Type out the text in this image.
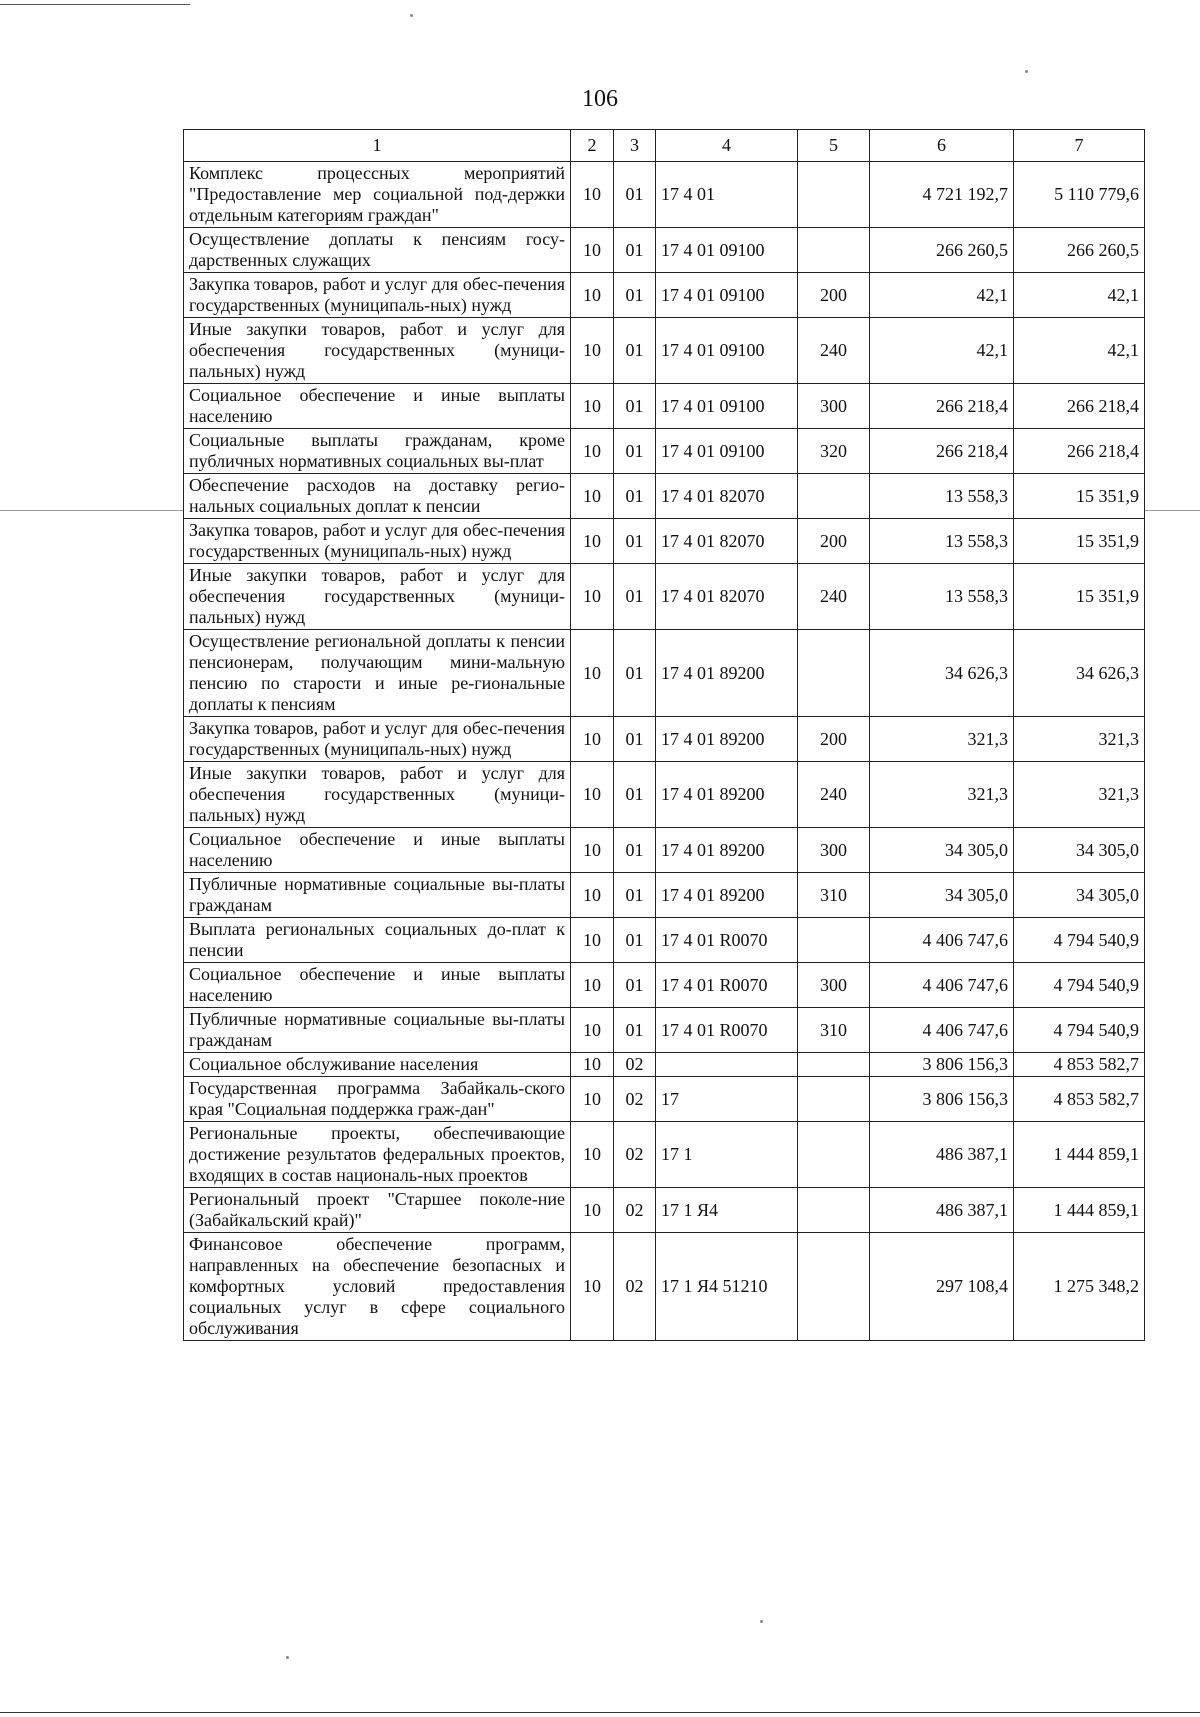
106
1	2	3	4	5	6	7
Комплекс процессных мероприятий "Предоставление мер социальной под-держки отдельным категориям граждан"	10	01	17 4 01		4 721 192,7	5 110 779,6
Осуществление доплаты к пенсиям госу-дарственных служащих	10	01	17 4 01 09100		266 260,5	266 260,5
Закупка товаров, работ и услуг для обес-печения государственных (муниципаль-ных) нужд	10	01	17 4 01 09100	200	42,1	42,1
Иные закупки товаров, работ и услуг для обеспечения государственных (муници-пальных) нужд	10	01	17 4 01 09100	240	42,1	42,1
Социальное обеспечение и иные выплаты населению	10	01	17 4 01 09100	300	266 218,4	266 218,4
Социальные выплаты гражданам, кроме публичных нормативных социальных вы-плат	10	01	17 4 01 09100	320	266 218,4	266 218,4
Обеспечение расходов на доставку регио-нальных социальных доплат к пенсии	10	01	17 4 01 82070		13 558,3	15 351,9
Закупка товаров, работ и услуг для обес-печения государственных (муниципаль-ных) нужд	10	01	17 4 01 82070	200	13 558,3	15 351,9
Иные закупки товаров, работ и услуг для обеспечения государственных (муници-пальных) нужд	10	01	17 4 01 82070	240	13 558,3	15 351,9
Осуществление региональной доплаты к пенсии пенсионерам, получающим мини-мальную пенсию по старости и иные ре-гиональные доплаты к пенсиям	10	01	17 4 01 89200		34 626,3	34 626,3
Закупка товаров, работ и услуг для обес-печения государственных (муниципаль-ных) нужд	10	01	17 4 01 89200	200	321,3	321,3
Иные закупки товаров, работ и услуг для обеспечения государственных (муници-пальных) нужд	10	01	17 4 01 89200	240	321,3	321,3
Социальное обеспечение и иные выплаты населению	10	01	17 4 01 89200	300	34 305,0	34 305,0
Публичные нормативные социальные вы-платы гражданам	10	01	17 4 01 89200	310	34 305,0	34 305,0
Выплата региональных социальных до-плат к пенсии	10	01	17 4 01 R0070		4 406 747,6	4 794 540,9
Социальное обеспечение и иные выплаты населению	10	01	17 4 01 R0070	300	4 406 747,6	4 794 540,9
Публичные нормативные социальные вы-платы гражданам	10	01	17 4 01 R0070	310	4 406 747,6	4 794 540,9
Социальное обслуживание населения	10	02			3 806 156,3	4 853 582,7
Государственная программа Забайкаль-ского края "Социальная поддержка граж-дан"	10	02	17		3 806 156,3	4 853 582,7
Региональные проекты, обеспечивающие достижение результатов федеральных проектов, входящих в состав националь-ных проектов	10	02	17 1		486 387,1	1 444 859,1
Региональный проект "Старшее поколе-ние (Забайкальский край)"	10	02	17 1 Я4		486 387,1	1 444 859,1
Финансовое обеспечение программ, направленных на обеспечение безопасных и комфортных условий предоставления социальных услуг в сфере социального обслуживания	10	02	17 1 Я4 51210		297 108,4	1 275 348,2
